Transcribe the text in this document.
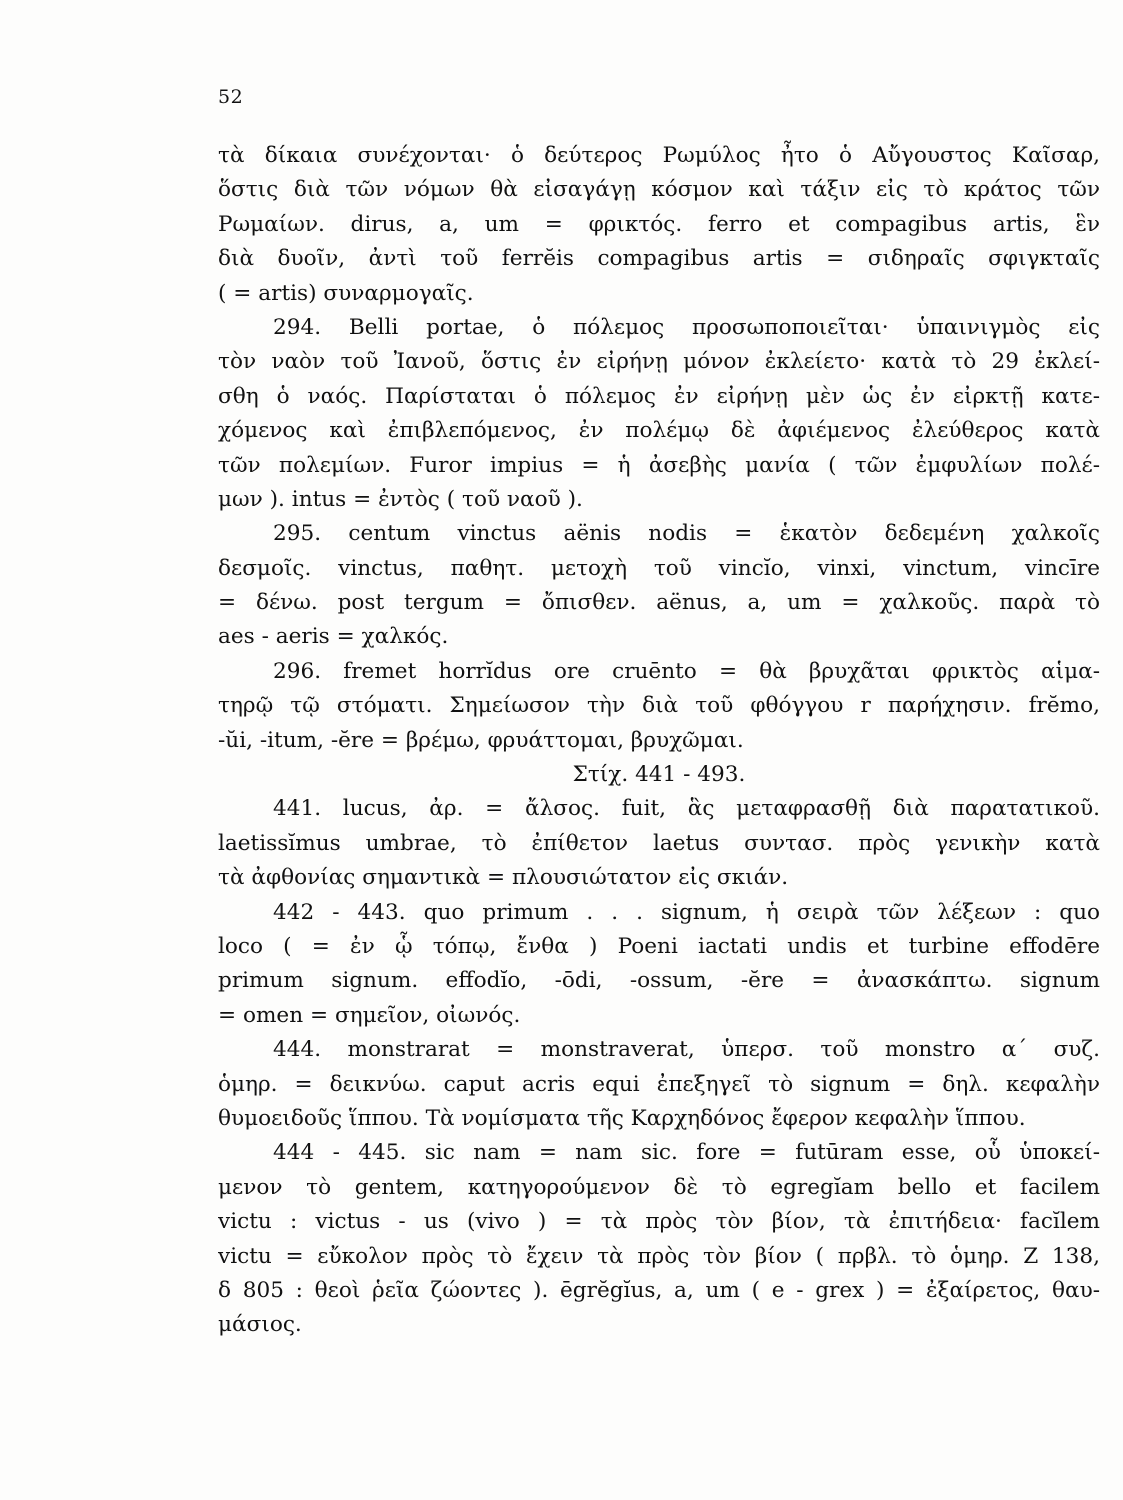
52
τὰ δίκαια συνέχονται· ὁ δεύτερος Ρωμύλος ἦτο ὁ Αὔγουστος Καῖσαρ,
ὅστις διὰ τῶν νόμων θὰ εἰσαγάγῃ κόσμον καὶ τάξιν εἰς τὸ κράτος τῶν
Ρωμαίων. dirus, a, um = φρικτός. ferro et compagibus artis, ἓν
διὰ δυοῖν, ἀντὶ τοῦ ferrĕis compagibus artis = σιδηραῖς σφιγκταῖς
( = artis) συναρμογαῖς.
294. Belli portae, ὁ πόλεμος προσωποποιεῖται· ὑπαινιγμὸς εἰς
τὸν ναὸν τοῦ Ἰανοῦ, ὅστις ἐν εἰρήνῃ μόνον ἐκλείετο· κατὰ τὸ 29 ἐκλεί-
σθη ὁ ναός. Παρίσταται ὁ πόλεμος ἐν εἰρήνῃ μὲν ὡς ἐν εἰρκτῇ κατε-
χόμενος καὶ ἐπιβλεπόμενος, ἐν πολέμῳ δὲ ἀφιέμενος ἐλεύθερος κατὰ
τῶν πολεμίων. Furor impius = ἡ ἀσεβὴς μανία ( τῶν ἐμφυλίων πολέ-
μων ). intus = ἐντὸς ( τοῦ ναοῦ ).
295. centum vinctus aënis nodis = ἑκατὸν δεδεμένη χαλκοῖς
δεσμοῖς. vinctus, παθητ. μετοχὴ τοῦ vincĭo, vinxi, vinctum, vincīre
= δένω. post tergum = ὄπισθεν. aënus, a, um = χαλκοῦς. παρὰ τὸ
aes - aeris = χαλκός.
296. fremet horrĭdus ore cruēnto = θὰ βρυχᾶται φρικτὸς αἱμα-
τηρῷ τῷ στόματι. Σημείωσον τὴν διὰ τοῦ φθόγγου r παρήχησιν. frĕmo,
-ŭi, -itum, -ĕre = βρέμω, φρυάττομαι, βρυχῶμαι.
Στίχ. 441 - 493.
441. lucus, ἀρ. = ἄλσος. fuit, ἃς μεταφρασθῇ διὰ παρατατικοῦ.
laetissĭmus umbrae, τὸ ἐπίθετον laetus συντασ. πρὸς γενικὴν κατὰ
τὰ ἀφθονίας σημαντικὰ = πλουσιώτατον εἰς σκιάν.
442 - 443. quo primum . . . signum, ἡ σειρὰ τῶν λέξεων : quo
loco ( = ἐν ᾧ τόπῳ, ἔνθα ) Poeni iactati undis et turbine effodēre
primum signum. effodĭo, -ōdi, -ossum, -ĕre = ἀνασκάπτω. signum
= omen = σημεῖον, οἰωνός.
444. monstrarat = monstraverat, ὑπερσ. τοῦ monstro α΄ συζ.
ὁμηρ. = δεικνύω. caput acris equi ἐπεξηγεῖ τὸ signum = δηλ. κεφαλὴν
θυμοειδοῦς ἵππου. Τὰ νομίσματα τῆς Καρχηδόνος ἔφερον κεφαλὴν ἵππου.
444 - 445. sic nam = nam sic. fore = futūram esse, οὗ ὑποκεί-
μενον τὸ gentem, κατηγορούμενον δὲ τὸ egregĭam bello et facilem
victu : victus - us (vivo ) = τὰ πρὸς τὸν βίον, τὰ ἐπιτήδεια· facĭlem
victu = εὔκολον πρὸς τὸ ἔχειν τὰ πρὸς τὸν βίον ( πρβλ. τὸ ὁμηρ. Ζ 138,
δ 805 : θεοὶ ῥεῖα ζώοντες ). ēgrĕgĭus, a, um ( e - grex ) = ἐξαίρετος, θαυ-
μάσιος.
